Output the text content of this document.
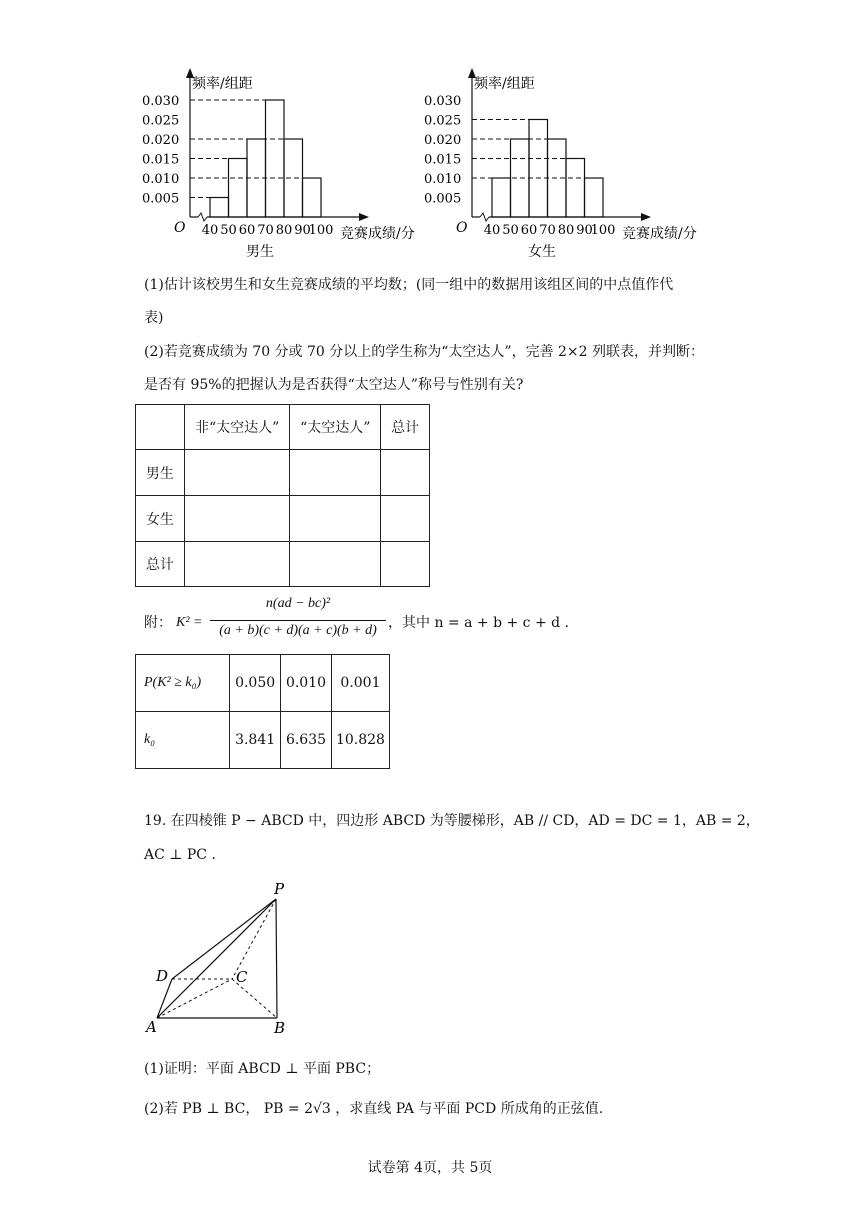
0.030
0.025
0.020
0.015
0.010
0.005
40 50 60 70 80 90
100
频率/组距
O	竞赛成绩/分
男生
0.030
0.025
0.020
0.015
0.010
0.005
40 50 60 70 80 90
100
频率/组距
O	竞赛成绩/分
女生
(1)估计该校男生和女生竞赛成绩的平均数；(同一组中的数据用该组区间的中点值作代
表)
(2)若竞赛成绩为 70 分或 70 分以上的学生称为“太空达人”，完善 2×2 列联表，并判断：
是否有 95%的把握认为是否获得“太空达人”称号与性别有关?
	非“太空达人”	“太空达人”	总计
男生			
女生			
总计			
附： K² =
n(ad − bc)²
(a + b)(c + d)(a + c)(b + d) ，其中 n = a + b + c + d .
P(K² ≥ k₀)	0.050	0.010	0.001
k₀	3.841	6.635	10.828
19. 在四棱锥 P − ABCD 中，四边形 ABCD 为等腰梯形，AB // CD，AD = DC = 1，AB = 2，
AC ⊥ PC .
P
D	C
A	B
(1)证明：平面 ABCD ⊥ 平面 PBC；
(2)若 PB ⊥ BC， PB = 2√3 ，求直线 PA 与平面 PCD 所成角的正弦值.
试卷第 4页，共 5页
